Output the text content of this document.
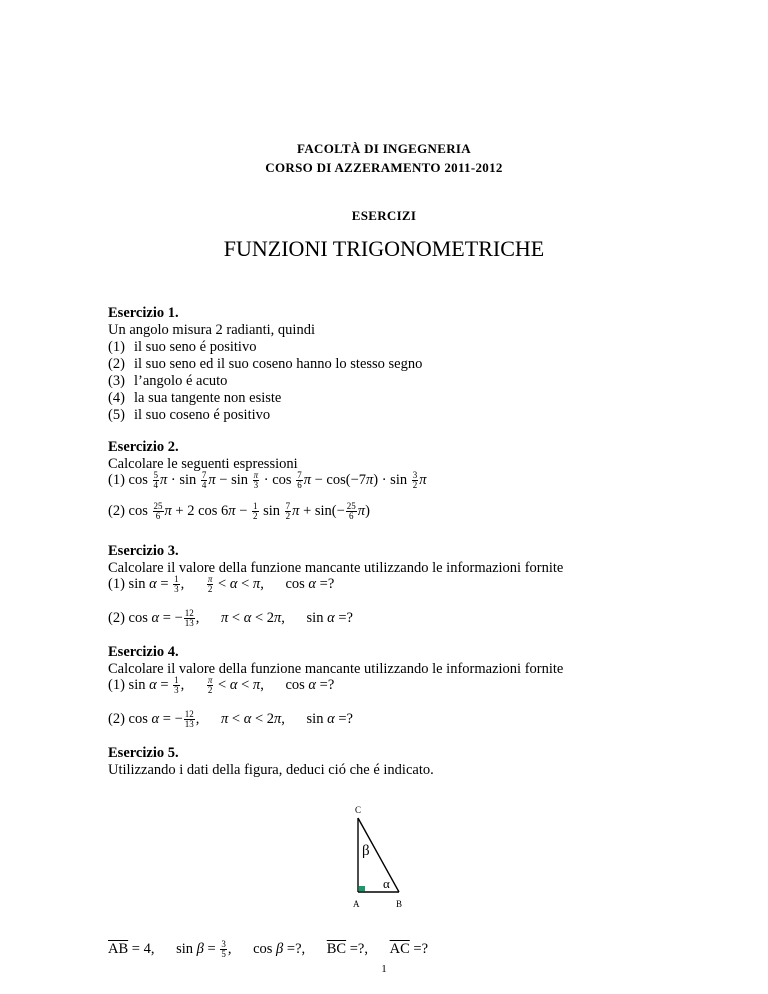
FACOLTÀ DI INGEGNERIA
CORSO DI AZZERAMENTO 2011-2012
ESERCIZI
FUNZIONI TRIGONOMETRICHE
Esercizio 1.
Un angolo misura 2 radianti, quindi
(1) il suo seno é positivo
(2) il suo seno ed il suo coseno hanno lo stesso segno
(3) l’angolo é acuto
(4) la sua tangente non esiste
(5) il suo coseno é positivo
Esercizio 2.
Calcolare le seguenti espressioni
(1) $\cos \frac{5}{4}$ $\pi \cdot \sin \frac{7}{4}$ $\pi - \sin \frac{\pi}{3} \cdot \cos \frac{7}{6}$ $\pi - \cos(-7\pi) \cdot \sin \frac{3}{2}$ π
(2) $\cos \frac{25}{6}$ π + 2 $\cos 6\pi - \frac{1}{2}$ $\sin \frac{7}{2}$ $\pi + \sin(- \frac{25}{6} \pi)$
Esercizio 3.
Calcolare il valore della funzione mancante utilizzando le informazioni fornite
(1) $\sin \alpha = \frac{1}{3}$ , $\frac{\pi}{2} < \alpha < \pi$, cos α =?
(2) cos α = − $\frac{12}{13}$ , π < α < 2π, sin α =?
Esercizio 4.
Calcolare il valore della funzione mancante utilizzando le informazioni fornite
(1) $\sin \alpha = \frac{1}{3}$ , $\frac{\pi}{2} < \alpha < \pi$, cos α =?
(2) cos α = − $\frac{12}{13}$ , π < α < 2π, sin α =?
Esercizio 5.
Utilizzando i dati della figura, deduci ció che é indicato.
C
A	B
β
α
$\overline{AB} = 4$, $\sin \beta = \frac{3}{5}$ , cos β =?, $\overline{BC}$ =?, $\overline{AC}$ =?
1
